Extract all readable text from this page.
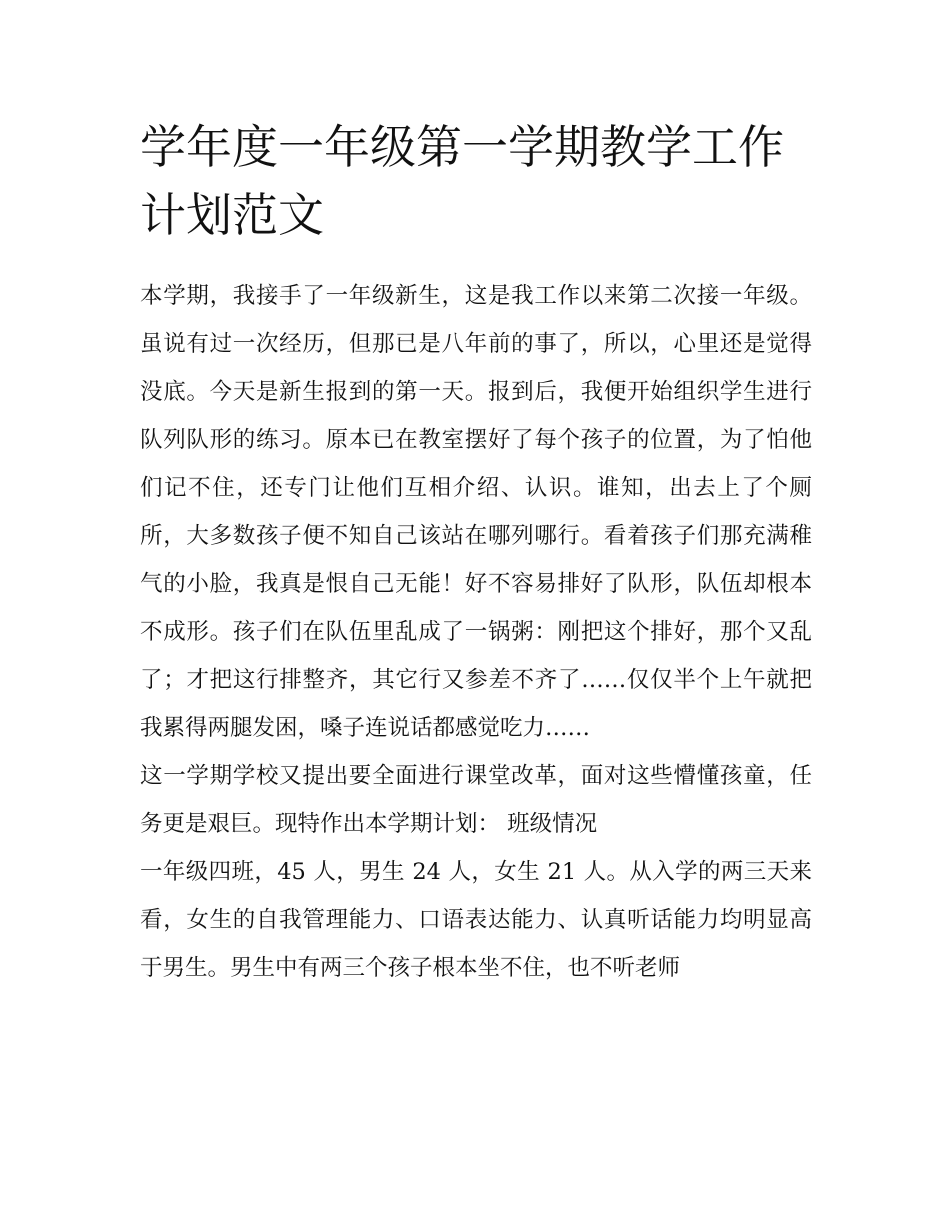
学年度一年级第一学期教学工作计划范文

本学期，我接手了一年级新生，这是我工作以来第二次接一年级。虽说有过一次经历，但那已是八年前的事了，所以，心里还是觉得没底。今天是新生报到的第一天。报到后，我便开始组织学生进行队列队形的练习。原本已在教室摆好了每个孩子的位置，为了怕他们记不住，还专门让他们互相介绍、认识。谁知，出去上了个厕所，大多数孩子便不知自己该站在哪列哪行。看着孩子们那充满稚气的小脸，我真是恨自己无能！好不容易排好了队形，队伍却根本不成形。孩子们在队伍里乱成了一锅粥：刚把这个排好，那个又乱了；才把这行排整齐，其它行又参差不齐了……仅仅半个上午就把我累得两腿发困，嗓子连说话都感觉吃力……

这一学期学校又提出要全面进行课堂改革，面对这些懵懂孩童，任务更是艰巨。现特作出本学期计划： 班级情况

一年级四班，45 人，男生 24 人，女生 21 人。从入学的两三天来看，女生的自我管理能力、口语表达能力、认真听话能力均明显高于男生。男生中有两三个孩子根本坐不住，也不听老师
